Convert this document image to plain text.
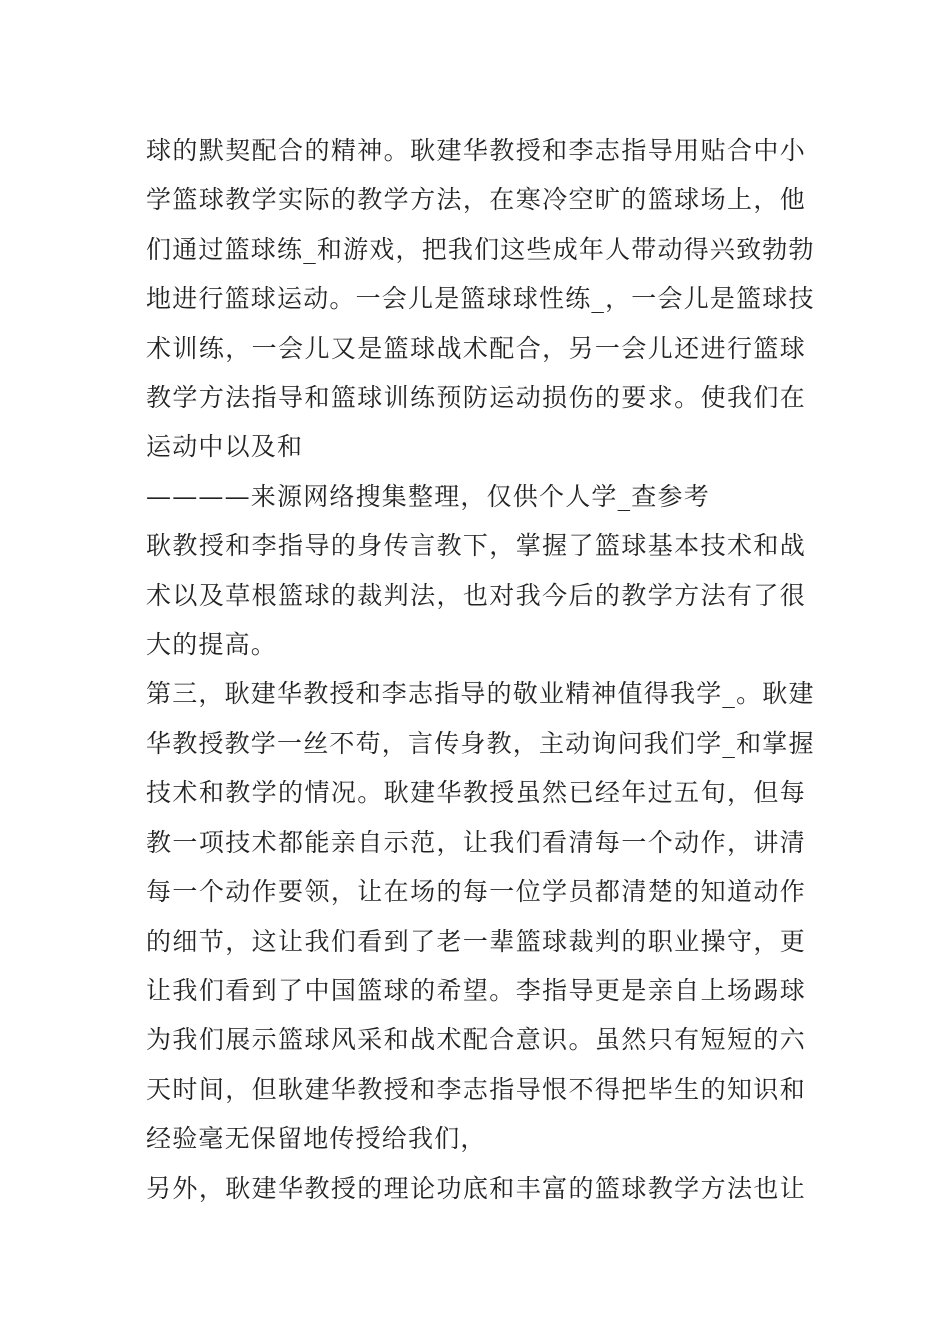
球的默契配合的精神。耿建华教授和李志指导用贴合中小
学篮球教学实际的教学方法，在寒冷空旷的篮球场上，他
们通过篮球练_和游戏，把我们这些成年人带动得兴致勃勃
地进行篮球运动。一会儿是篮球球性练_，一会儿是篮球技
术训练，一会儿又是篮球战术配合，另一会儿还进行篮球
教学方法指导和篮球训练预防运动损伤的要求。使我们在
运动中以及和
————来源网络搜集整理，仅供个人学_查参考
耿教授和李指导的身传言教下，掌握了篮球基本技术和战
术以及草根篮球的裁判法，也对我今后的教学方法有了很
大的提高。
第三，耿建华教授和李志指导的敬业精神值得我学_。耿建
华教授教学一丝不苟，言传身教，主动询问我们学_和掌握
技术和教学的情况。耿建华教授虽然已经年过五旬，但每
教一项技术都能亲自示范，让我们看清每一个动作，讲清
每一个动作要领，让在场的每一位学员都清楚的知道动作
的细节，这让我们看到了老一辈篮球裁判的职业操守，更
让我们看到了中国篮球的希望。李指导更是亲自上场踢球
为我们展示篮球风采和战术配合意识。虽然只有短短的六
天时间，但耿建华教授和李志指导恨不得把毕生的知识和
经验毫无保留地传授给我们，
另外，耿建华教授的理论功底和丰富的篮球教学方法也让
